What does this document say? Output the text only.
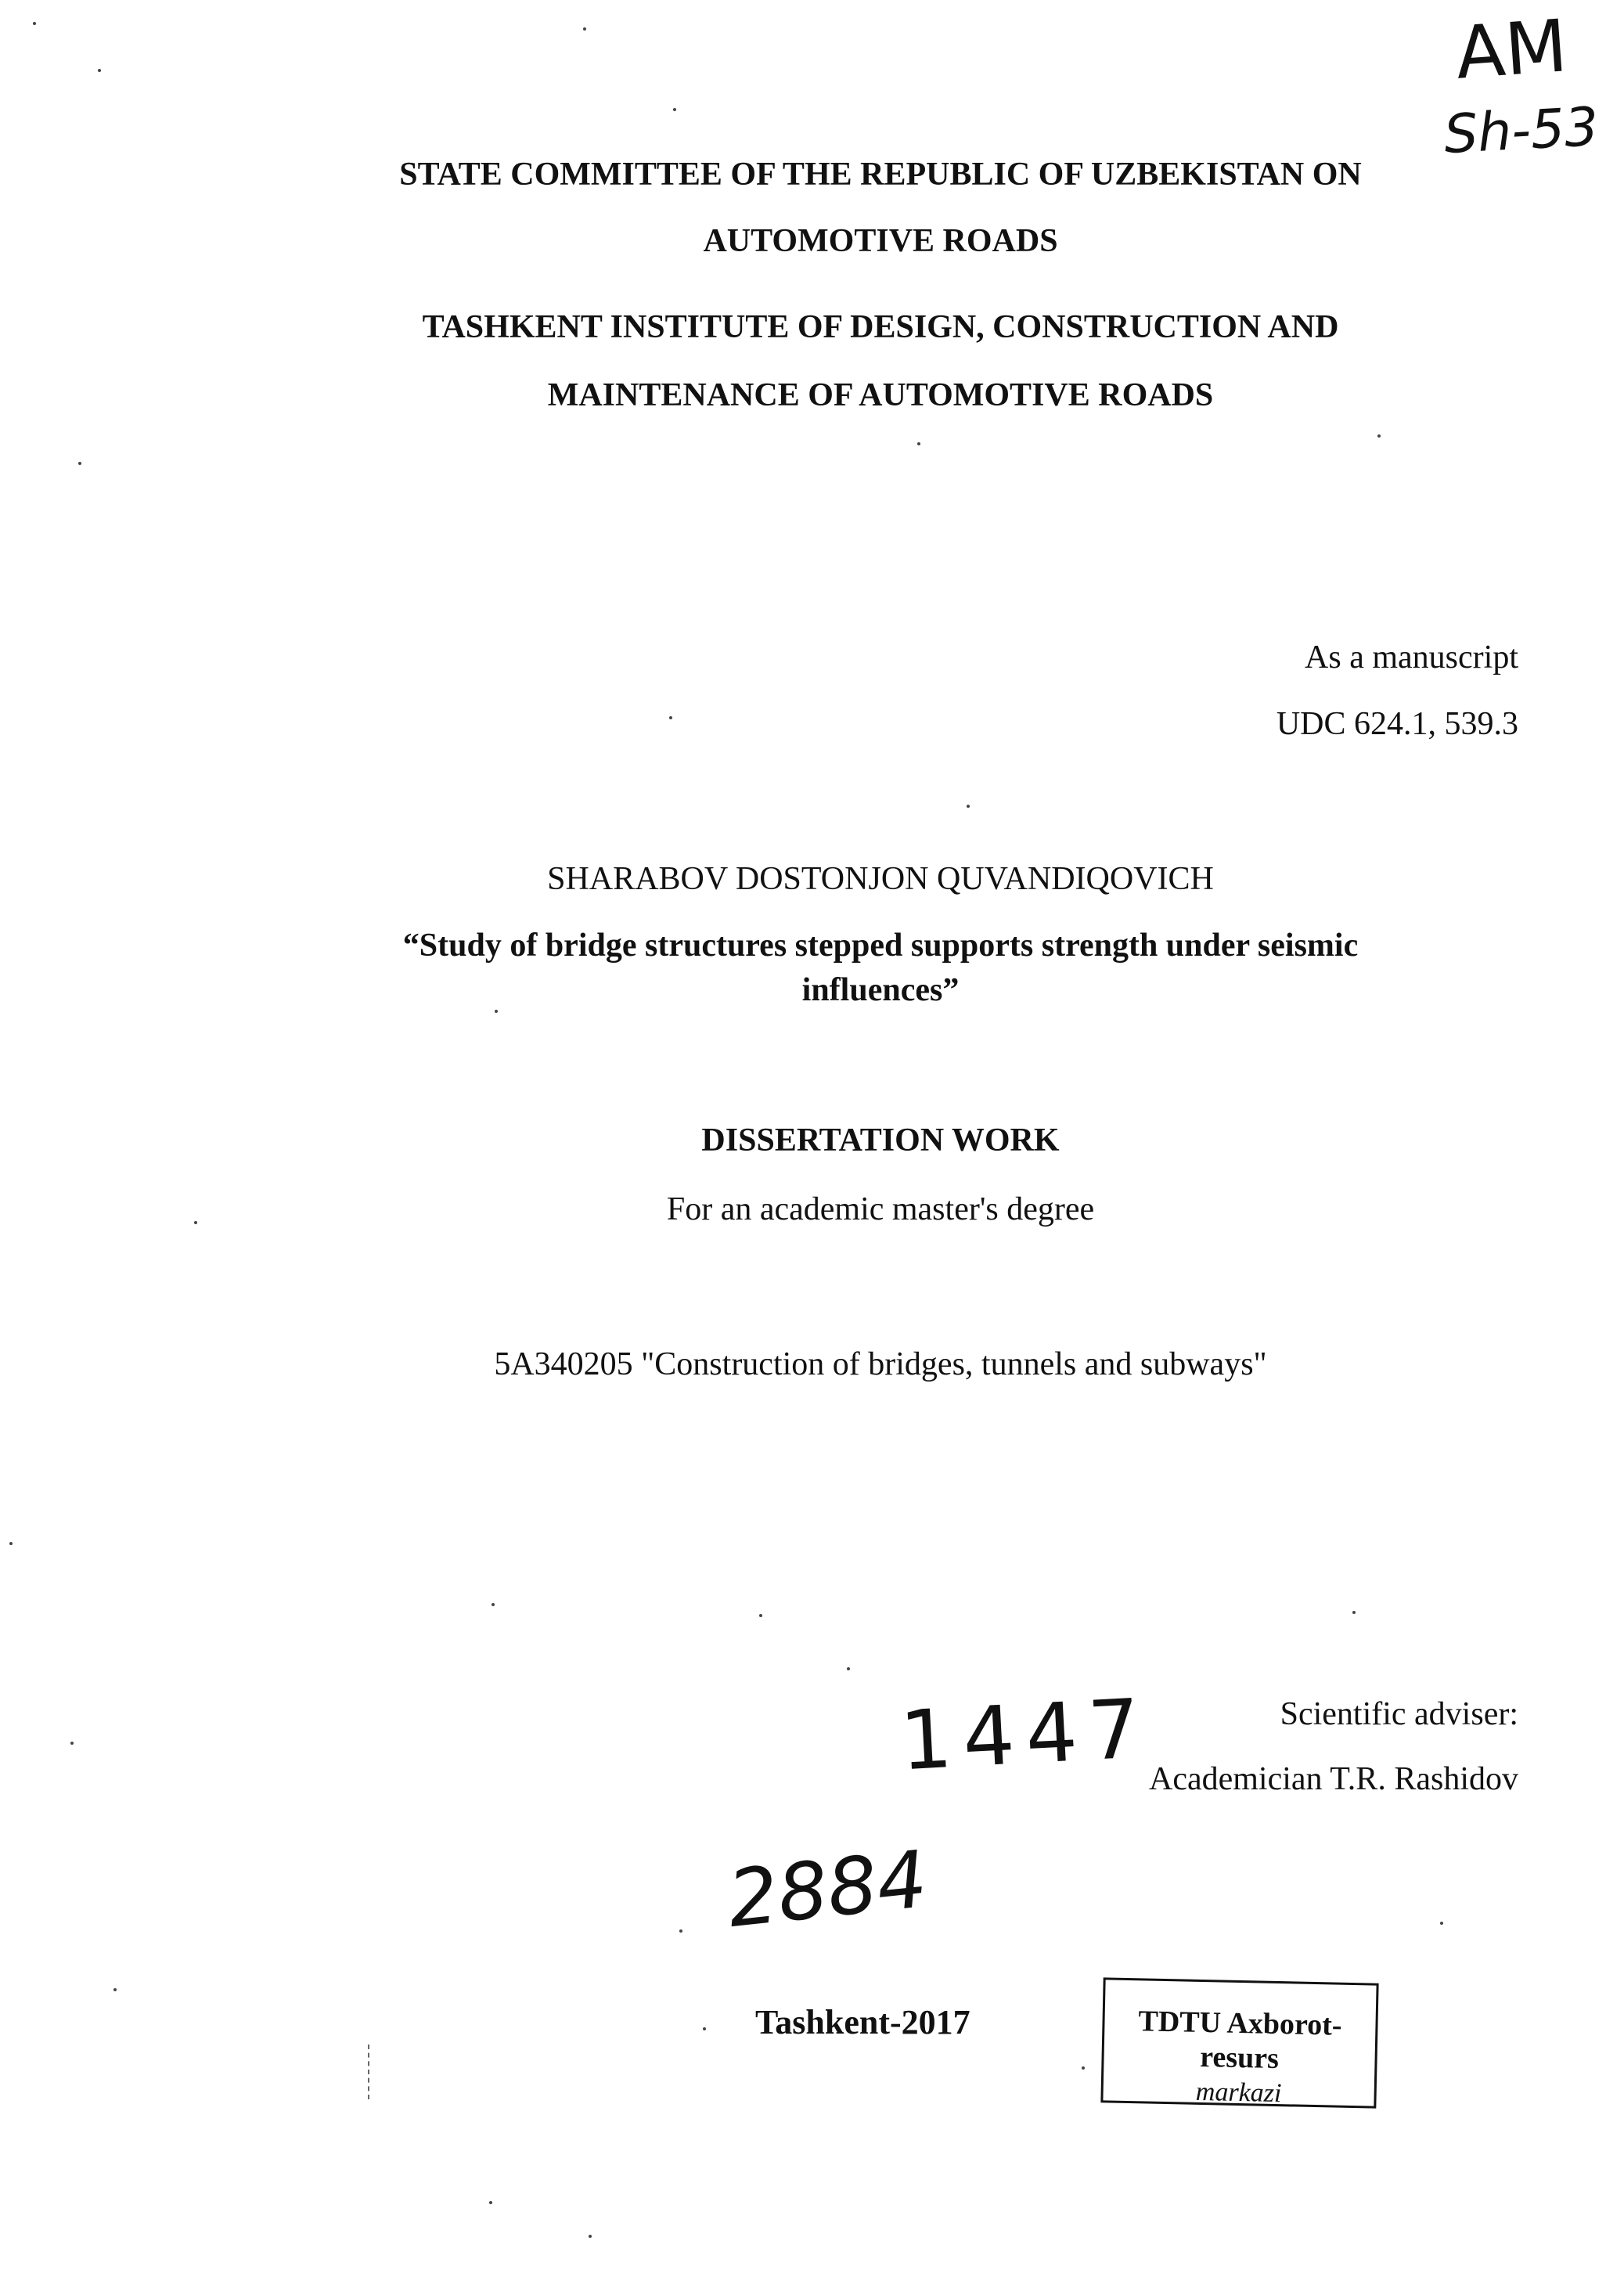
AM
Sh-53
STATE COMMITTEE OF THE REPUBLIC OF UZBEKISTAN ON
AUTOMOTIVE ROADS
TASHKENT INSTITUTE OF DESIGN, CONSTRUCTION AND
MAINTENANCE OF AUTOMOTIVE ROADS
As a manuscript
UDC 624.1, 539.3
SHARABOV DOSTONJON QUVANDIQOVICH
“Study of bridge structures stepped supports strength under seismic
influences”
DISSERTATION WORK
For an academic master's degree
5A340205 "Construction of bridges, tunnels and subways"
1447	Scientific adviser:
Academician T.R. Rashidov
2884
Tashkent-2017	TDTU Axborot-resurs
markazi
